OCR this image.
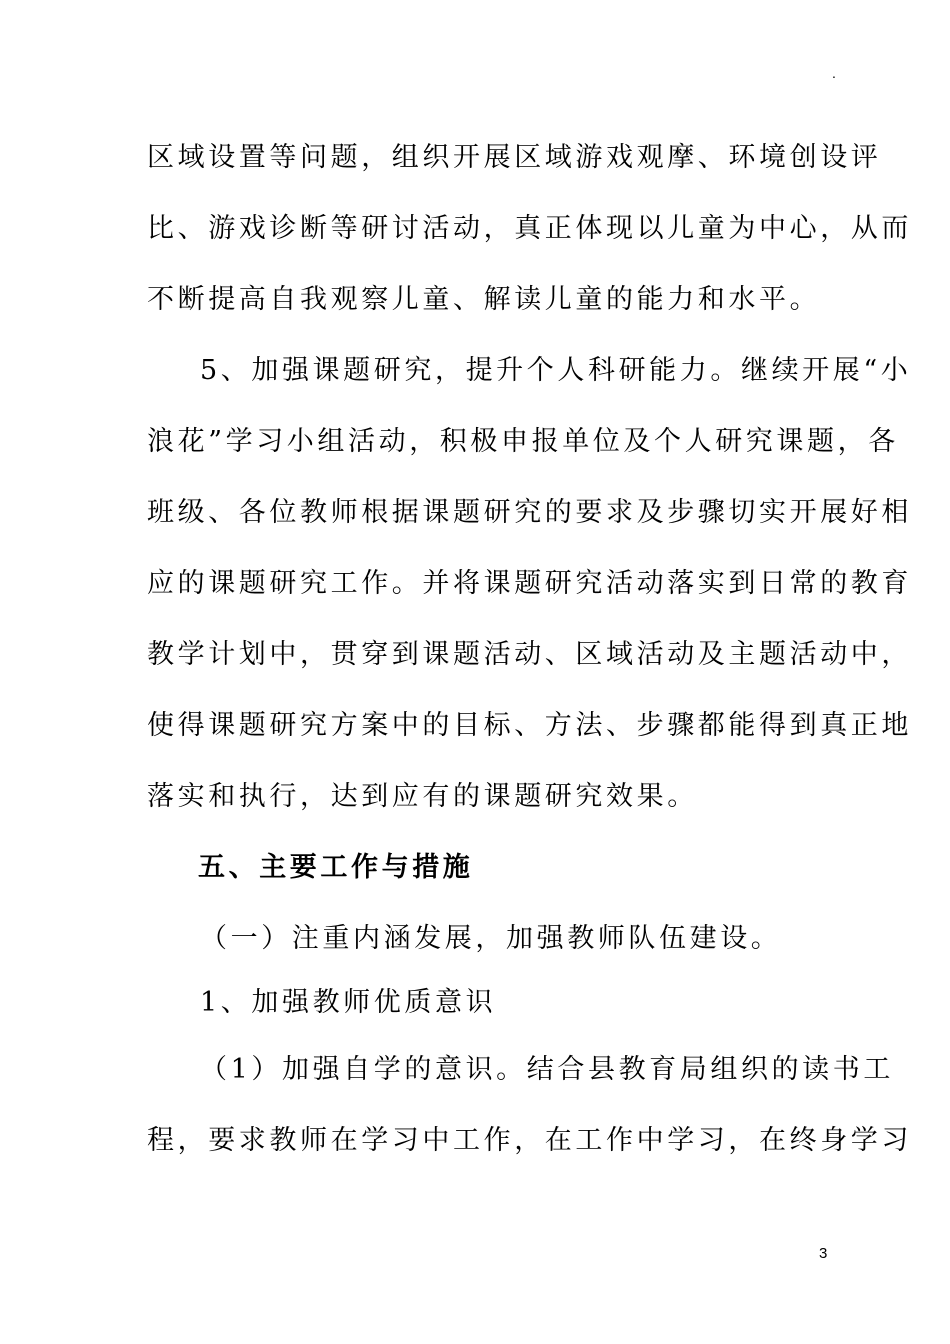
.
区域设置等问题，组织开展区域游戏观摩、环境创设评
比、游戏诊断等研讨活动，真正体现以儿童为中心，从而
不断提高自我观察儿童、解读儿童的能力和水平。
5、加强课题研究，提升个人科研能力。继续开展“小
浪花”学习小组活动，积极申报单位及个人研究课题，各
班级、各位教师根据课题研究的要求及步骤切实开展好相
应的课题研究工作。并将课题研究活动落实到日常的教育
教学计划中，贯穿到课题活动、区域活动及主题活动中，
使得课题研究方案中的目标、方法、步骤都能得到真正地
落实和执行，达到应有的课题研究效果。
五、主要工作与措施
（一）注重内涵发展，加强教师队伍建设。
1、加强教师优质意识
（1）加强自学的意识。结合县教育局组织的读书工
程，要求教师在学习中工作，在工作中学习，在终身学习
3
